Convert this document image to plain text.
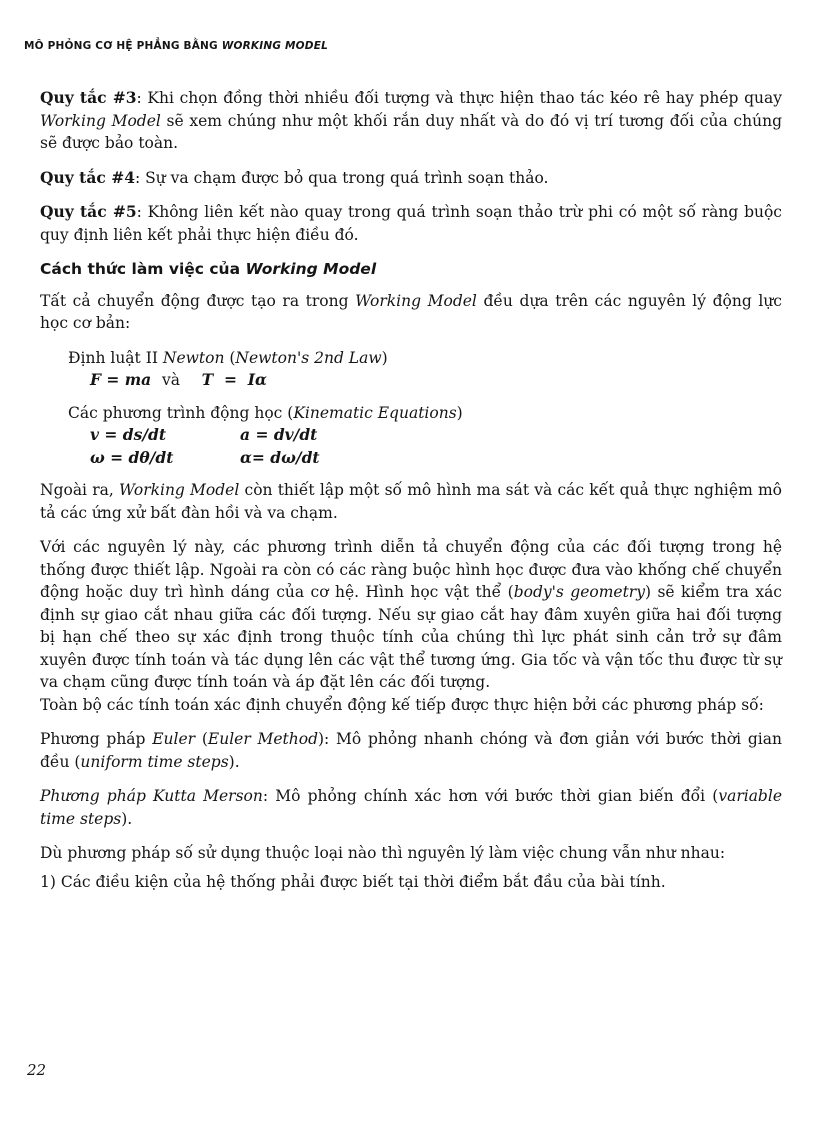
MÔ PHỎNG CƠ HỆ PHẲNG BẰNG WORKING MODEL

Quy tắc #3: Khi chọn đồng thời nhiều đối tượng và thực hiện thao tác kéo rê hay phép quay Working Model sẽ xem chúng như một khối rắn duy nhất và do đó vị trí tương đối của chúng sẽ được bảo toàn.

Quy tắc #4: Sự va chạm được bỏ qua trong quá trình soạn thảo.

Quy tắc #5: Không liên kết nào quay trong quá trình soạn thảo trừ phi có một số ràng buộc quy định liên kết phải thực hiện điều đó.

Cách thức làm việc của Working Model

Tất cả chuyển động được tạo ra trong Working Model đều dựa trên các nguyên lý động lực học cơ bản:

Định luật II Newton (Newton's 2nd Law)
F = ma và T  =  Iα
Các phương trình động học (Kinematic Equations)
v = ds/dt	a = dv/dt
ω = dθ/dt	α= dω/dt

Ngoài ra, Working Model còn thiết lập một số mô hình ma sát và các kết quả thực nghiệm mô tả các ứng xử bất đàn hồi và va chạm.

Với các nguyên lý này, các phương trình diễn tả chuyển động của các đối tượng trong hệ thống được thiết lập. Ngoài ra còn có các ràng buộc hình học được đưa vào khống chế chuyển động hoặc duy trì hình dáng của cơ hệ. Hình học vật thể (body's geometry) sẽ kiểm tra xác định sự giao cắt nhau giữa các đối tượng. Nếu sự giao cắt hay đâm xuyên giữa hai đối tượng bị hạn chế theo sự xác định trong thuộc tính của chúng thì lực phát sinh cản trở sự đâm xuyên được tính toán và tác dụng lên các vật thể tương ứng. Gia tốc và vận tốc thu được từ sự va chạm cũng được tính toán và áp đặt lên các đối tượng.

Toàn bộ các tính toán xác định chuyển động kế tiếp được thực hiện bởi các phương pháp số:

Phương pháp Euler (Euler Method): Mô phỏng nhanh chóng và đơn giản với bước thời gian đều (uniform time steps).

Phương pháp Kutta Merson: Mô phỏng chính xác hơn với bước thời gian biến đổi (variable time steps).

Dù phương pháp số sử dụng thuộc loại nào thì nguyên lý làm việc chung vẫn như nhau:

1) Các điều kiện của hệ thống phải được biết tại thời điểm bắt đầu của bài tính.

22
